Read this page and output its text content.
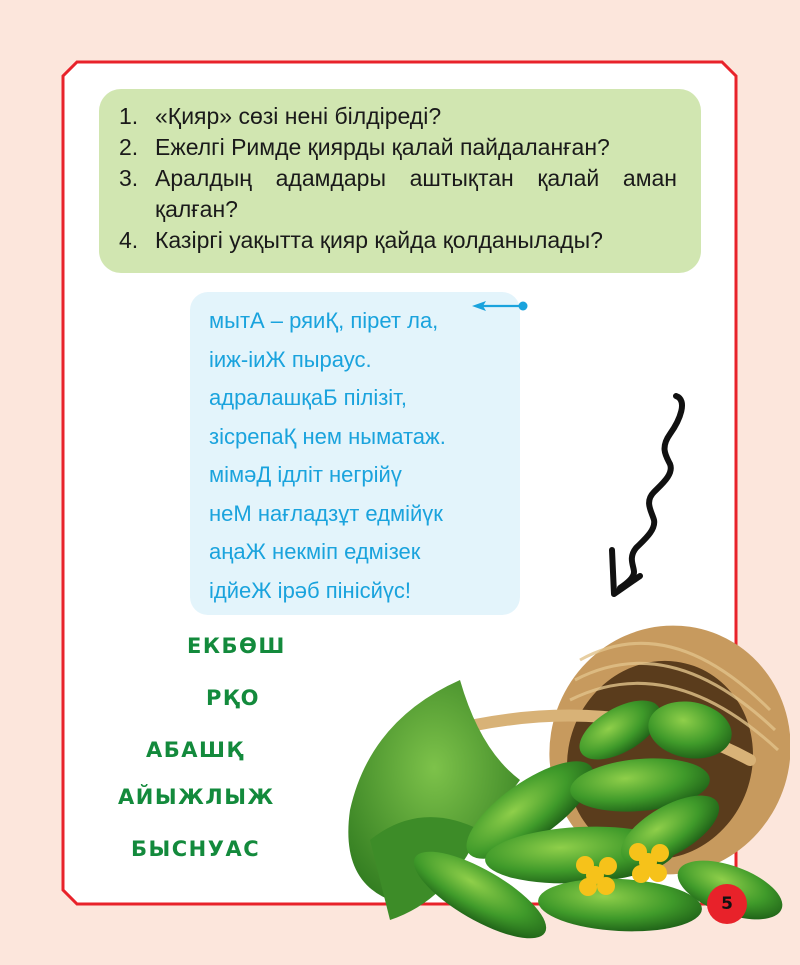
1. «Қияр» сөзі нені білдіреді?
2. Ежелгі Римде қиярды қалай пайдаланған?
3. Аралдың адамдары аштықтан қалай аман қалған?
4. Казіргі уақытта қияр қайда қолданылады?
мытА – ряиҚ, пірет ла,
іиж-іиЖ пыраус.
адралашқаБ пілізіт,
зісрепаҚ нем ныматаж.
мімәД ідліт негрійү
неМ нағладзұт едмійүк
аңаЖ некміп едмізек
ідйеЖ ірәб пінісйүс!
ЕКБӨШ
РҚО
АБАШҚ
АЙЫЖЛЫЖ
БЫСНУАС
5
